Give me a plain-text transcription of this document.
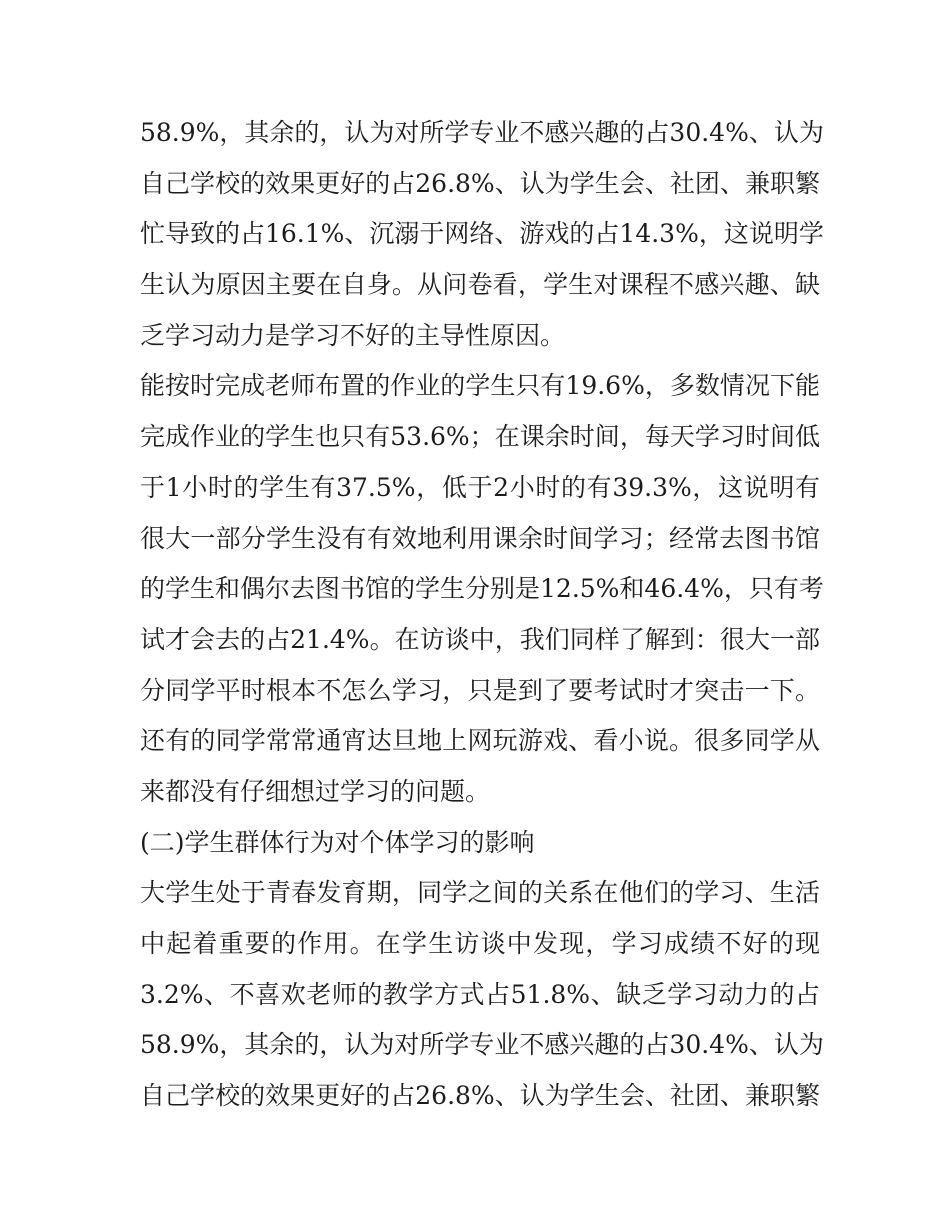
58.9%，其余的，认为对所学专业不感兴趣的占30.4%、认为
自己学校的效果更好的占26.8%、认为学生会、社团、兼职繁
忙导致的占16.1%、沉溺于网络、游戏的占14.3%，这说明学
生认为原因主要在自身。从问卷看，学生对课程不感兴趣、缺
乏学习动力是学习不好的主导性原因。
能按时完成老师布置的作业的学生只有19.6%，多数情况下能
完成作业的学生也只有53.6%；在课余时间，每天学习时间低
于1小时的学生有37.5%，低于2小时的有39.3%，这说明有
很大一部分学生没有有效地利用课余时间学习；经常去图书馆
的学生和偶尔去图书馆的学生分别是12.5%和46.4%，只有考
试才会去的占21.4%。在访谈中，我们同样了解到：很大一部
分同学平时根本不怎么学习，只是到了要考试时才突击一下。
还有的同学常常通宵达旦地上网玩游戏、看小说。很多同学从
来都没有仔细想过学习的问题。
(二)学生群体行为对个体学习的影响
大学生处于青春发育期，同学之间的关系在他们的学习、生活
中起着重要的作用。在学生访谈中发现，学习成绩不好的现
3.2%、不喜欢老师的教学方式占51.8%、缺乏学习动力的占
58.9%，其余的，认为对所学专业不感兴趣的占30.4%、认为
自己学校的效果更好的占26.8%、认为学生会、社团、兼职繁
